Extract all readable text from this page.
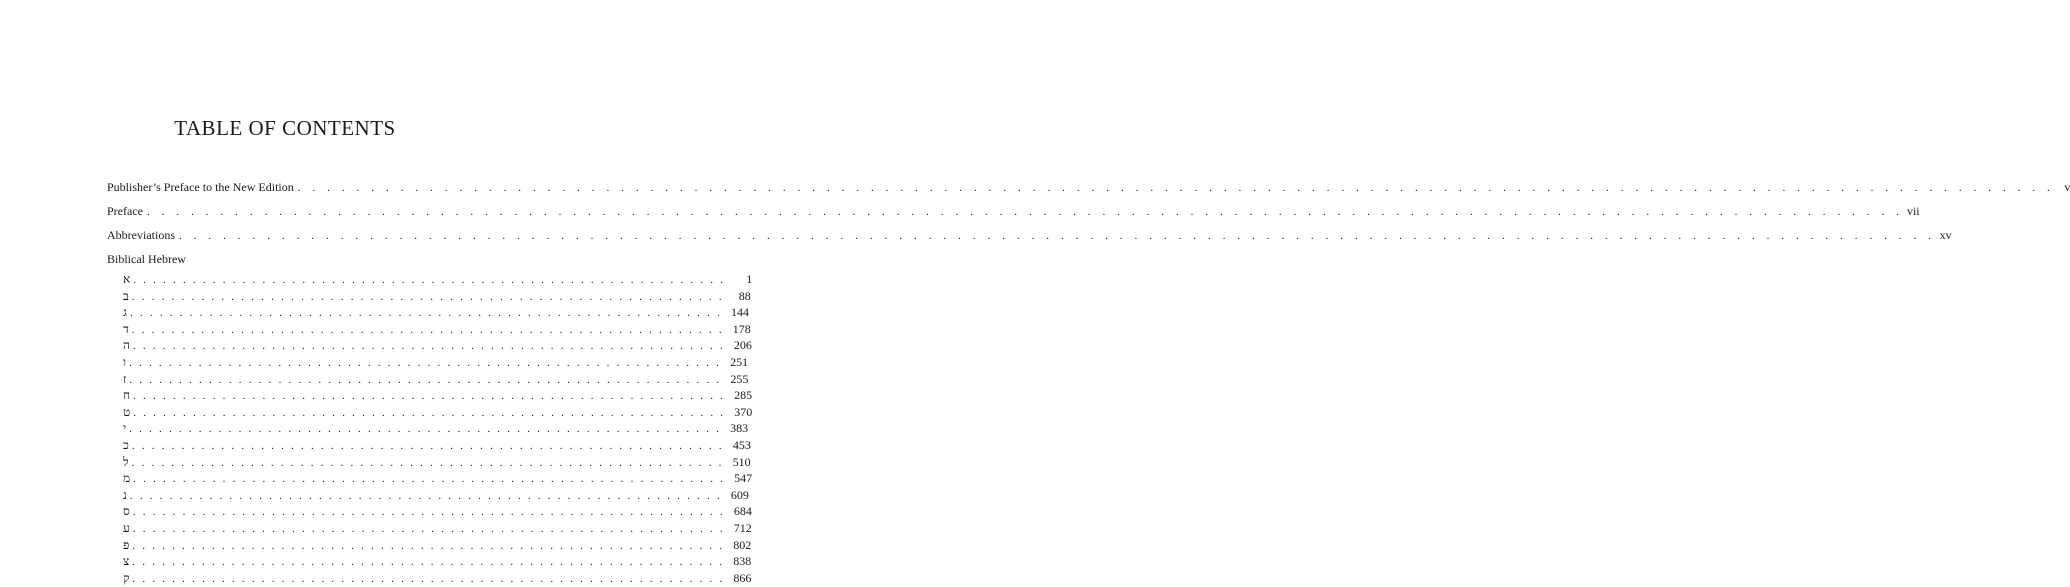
TABLE OF CONTENTS
Publisher’s Preface to the New Edition . . . . . . . . . . . . . . . . . . . . . . . . . . . . . . . . . . . . . . . . . . . . . . . . . . . . . . . . . . . . . . . . . . . . . . . . . . . . . . . . . . . . . . . . . . . . . . . . . . . . . . . . . . . . . . . . . . . . . . . . v
Preface . . . . . . . . . . . . . . . . . . . . . . . . . . . . . . . . . . . . . . . . . . . . . . . . . . . . . . . . . . . . . . . . . . . . . . . . . . . . . . . . . . . . . . . . . . . . . . . . . . . . . . . . . . . . . . . . . . . . . . . . vii
Abbreviations . . . . . . . . . . . . . . . . . . . . . . . . . . . . . . . . . . . . . . . . . . . . . . . . . . . . . . . . . . . . . . . . . . . . . . . . . . . . . . . . . . . . . . . . . . . . . . . . . . . . . . . . . . . . . . . . . . . . . . . . xv
Biblical Hebrew
א ............................................................	1
ב ............................................................ 88
ג ............................................................ 144
ד ............................................................ 178
ה ............................................................ 206
ו ............................................................ 251
ז ............................................................ 255
ח ............................................................ 285
ט ............................................................ 370
י ............................................................ 383
כ ............................................................ 453
ל ............................................................ 510
מ ............................................................ 547
נ ............................................................ 609
ס ............................................................ 684
ע ............................................................ 712
פ ............................................................ 802
צ ............................................................ 838
ק ............................................................ 866
